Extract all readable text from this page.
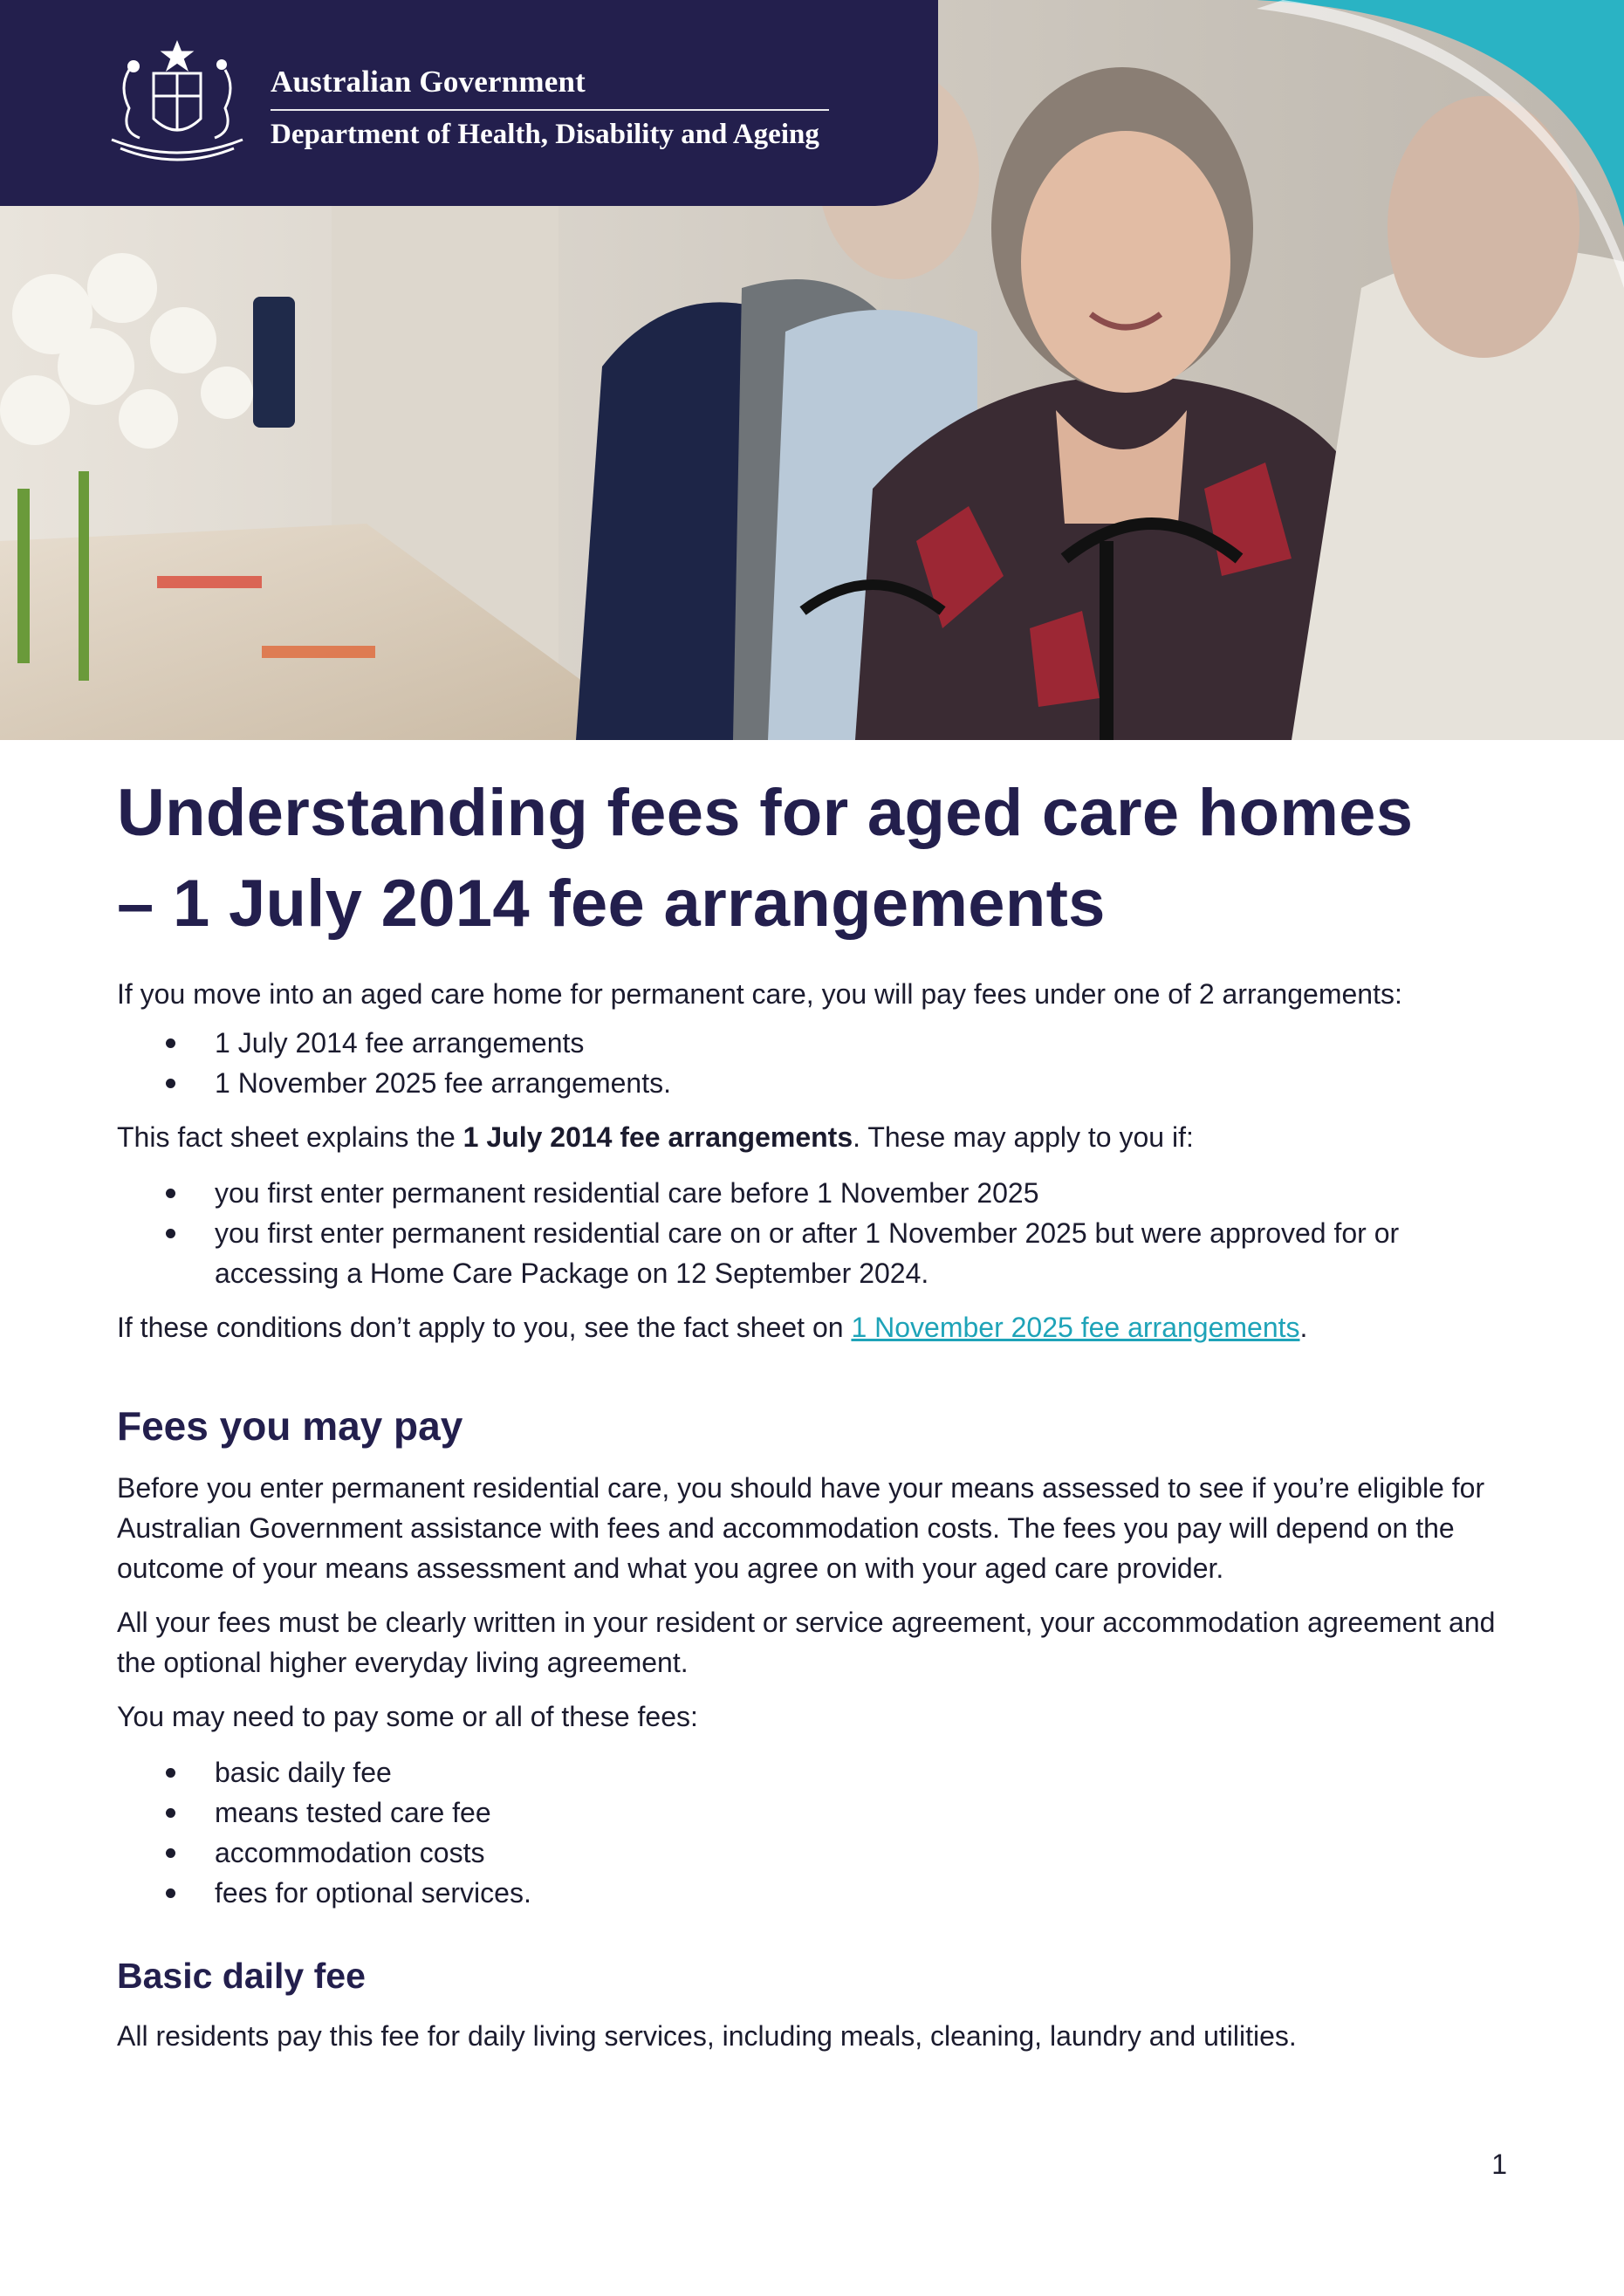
Australian Government
Department of Health, Disability and Ageing
Understanding fees for aged care homes
– 1 July 2014 fee arrangements

If you move into an aged care home for permanent care, you will pay fees under one of 2 arrangements:

1 July 2014 fee arrangements
1 November 2025 fee arrangements.

This fact sheet explains the 1 July 2014 fee arrangements. These may apply to you if:

you first enter permanent residential care before 1 November 2025
you first enter permanent residential care on or after 1 November 2025 but were approved for or accessing a Home Care Package on 12 September 2024.

If these conditions don’t apply to you, see the fact sheet on 1 November 2025 fee arrangements.

Fees you may pay

Before you enter permanent residential care, you should have your means assessed to see if you’re eligible for Australian Government assistance with fees and accommodation costs. The fees you pay will depend on the outcome of your means assessment and what you agree on with your aged care provider.

All your fees must be clearly written in your resident or service agreement, your accommodation agreement and the optional higher everyday living agreement.

You may need to pay some or all of these fees:

basic daily fee
means tested care fee
accommodation costs
fees for optional services.
Basic daily fee

All residents pay this fee for daily living services, including meals, cleaning, laundry and utilities.

1
